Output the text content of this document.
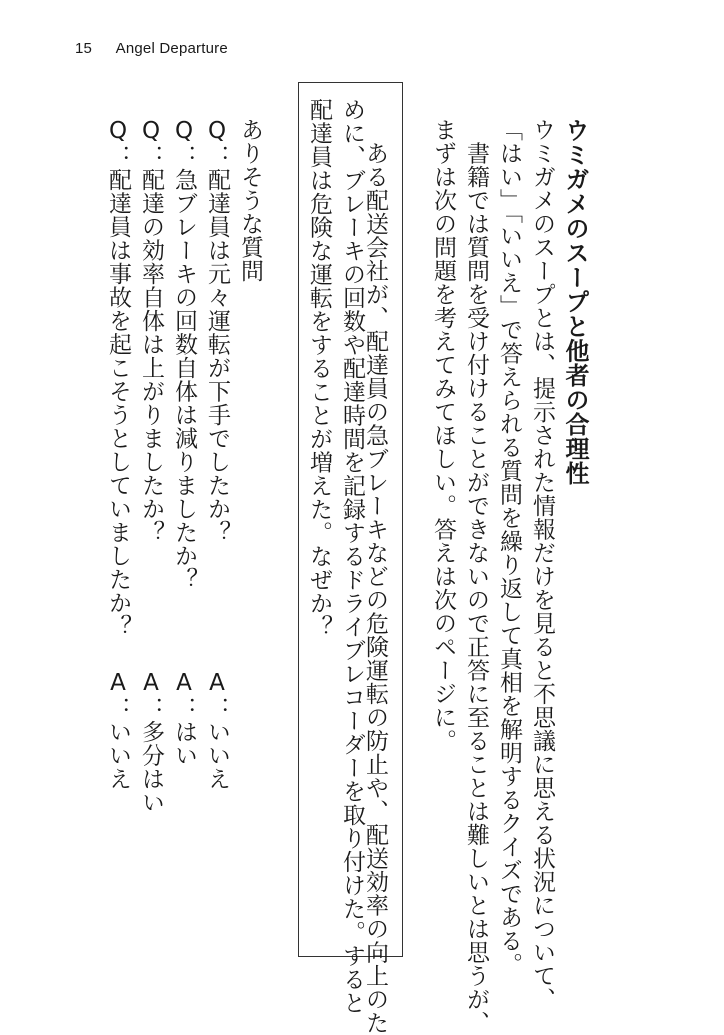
15 Angel Departure
ウミガメのスープと他者の合理性
ウミガメのスープとは、提示された情報だけを見ると不思議に思える状況について、
「はい」「いいえ」で答えられる質問を繰り返して真相を解明するクイズである。
　書籍では質問を受け付けることができないので正答に至ることは難しいとは思うが、
まずは次の問題を考えてみてほしい。答えは次のページに。
　ある配送会社が、配達員の急ブレーキなどの危険運転の防止や、配送効率の向上のた
めに、ブレーキの回数や配達時間を記録するドライブレコーダーを取り付けた。すると
配達員は危険な運転をすることが増えた。なぜか？
ありそうな質問
Q：配達員は元々運転が下手でしたか？
Q：急ブレーキの回数自体は減りましたか？
Q：配達の効率自体は上がりましたか？
Q：配達員は事故を起こそうとしていましたか？
A：いいえ
A：はい
A：多分はい
A：いいえ
